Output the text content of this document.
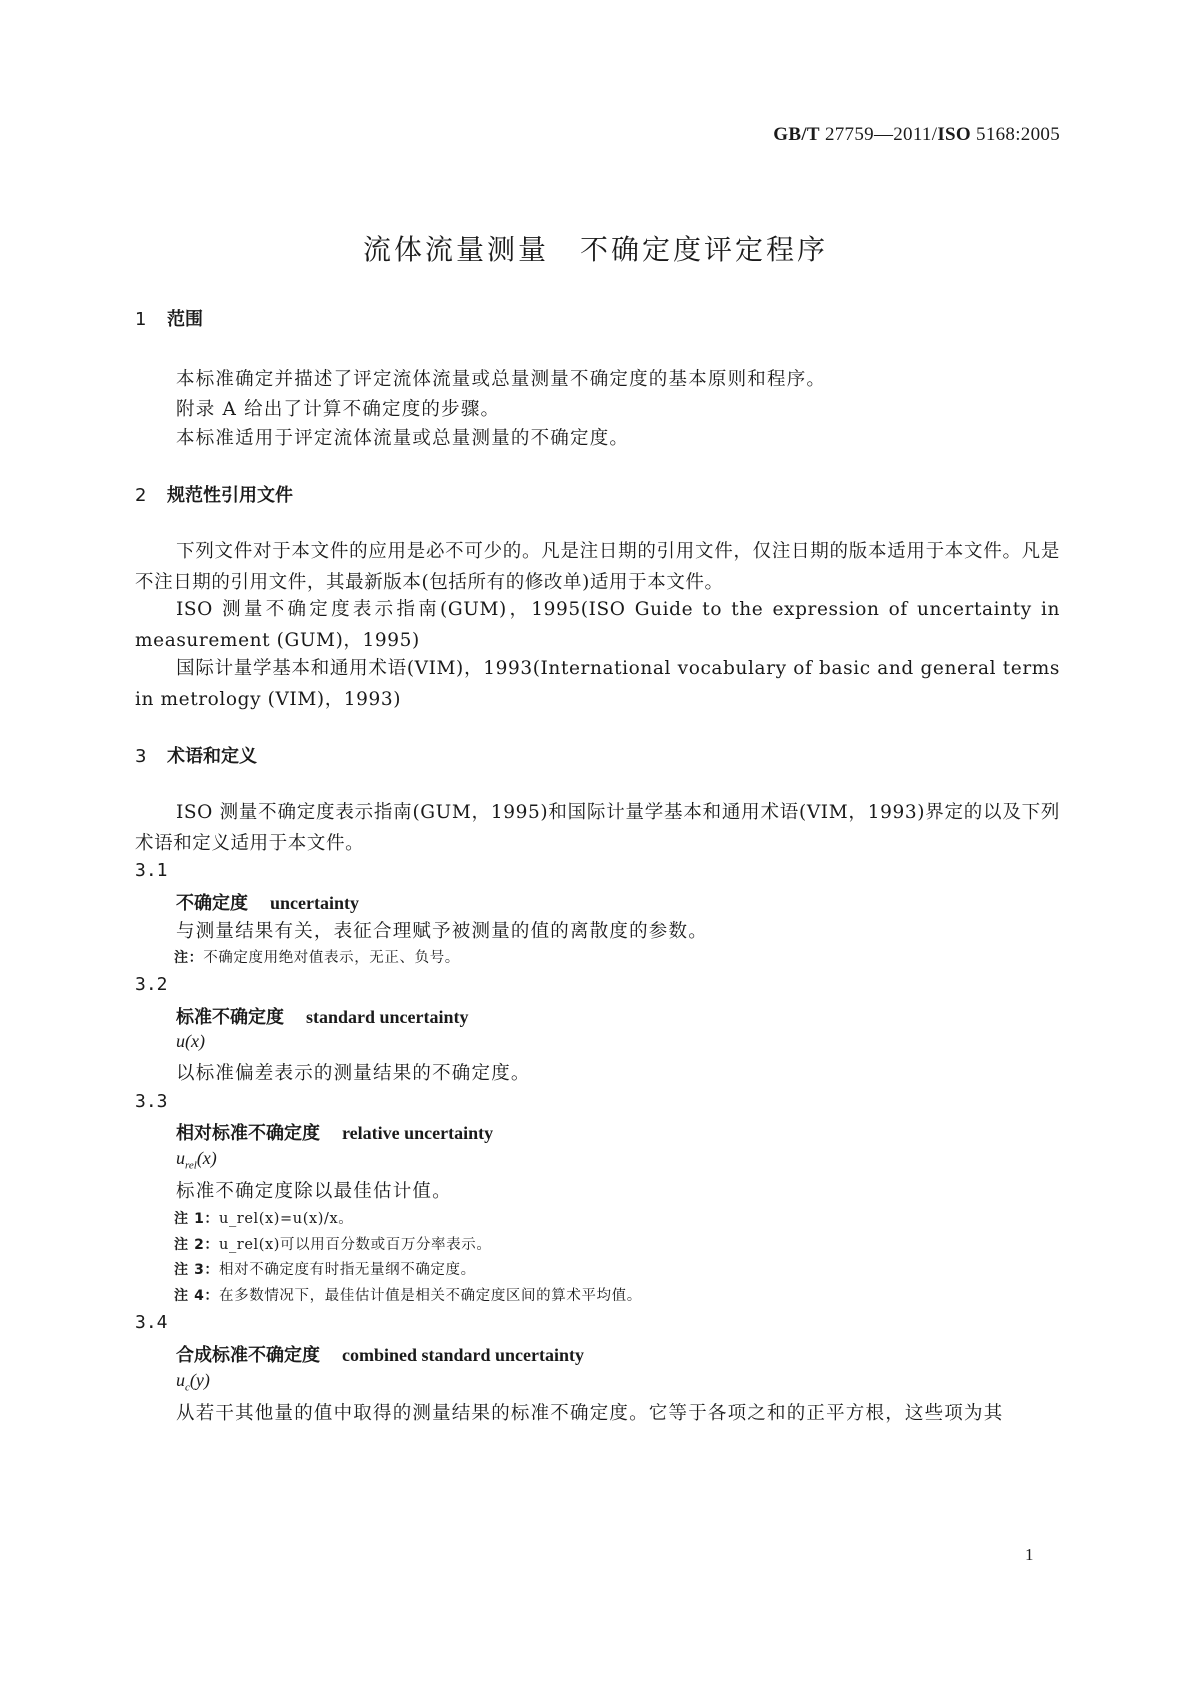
GB/T 27759—2011/ISO 5168:2005
流体流量测量　不确定度评定程序
1 范围
本标准确定并描述了评定流体流量或总量测量不确定度的基本原则和程序。
附录 A 给出了计算不确定度的步骤。
本标准适用于评定流体流量或总量测量的不确定度。
2 规范性引用文件
下列文件对于本文件的应用是必不可少的。凡是注日期的引用文件，仅注日期的版本适用于本文件。凡是不注日期的引用文件，其最新版本(包括所有的修改单)适用于本文件。
ISO 测量不确定度表示指南(GUM)，1995(ISO Guide to the expression of uncertainty in measurement (GUM)，1995)
国际计量学基本和通用术语(VIM)，1993(International vocabulary of basic and general terms in metrology (VIM)，1993)
3 术语和定义
ISO 测量不确定度表示指南(GUM，1995)和国际计量学基本和通用术语(VIM，1993)界定的以及下列术语和定义适用于本文件。
3.1
不确定度 uncertainty
与测量结果有关，表征合理赋予被测量的值的离散度的参数。
注：不确定度用绝对值表示，无正、负号。
3.2
标准不确定度 standard uncertainty
u(x)
以标准偏差表示的测量结果的不确定度。
3.3
相对标准不确定度 relative uncertainty
$u_{rel}(x)$
标准不确定度除以最佳估计值。
注 1：u_rel(x)=u(x)/x。
注 2：u_rel(x)可以用百分数或百万分率表示。
注 3：相对不确定度有时指无量纲不确定度。
注 4：在多数情况下，最佳估计值是相关不确定度区间的算术平均值。
3.4
合成标准不确定度 combined standard uncertainty
$u_c(y)$
从若干其他量的值中取得的测量结果的标准不确定度。它等于各项之和的正平方根，这些项为其
1
